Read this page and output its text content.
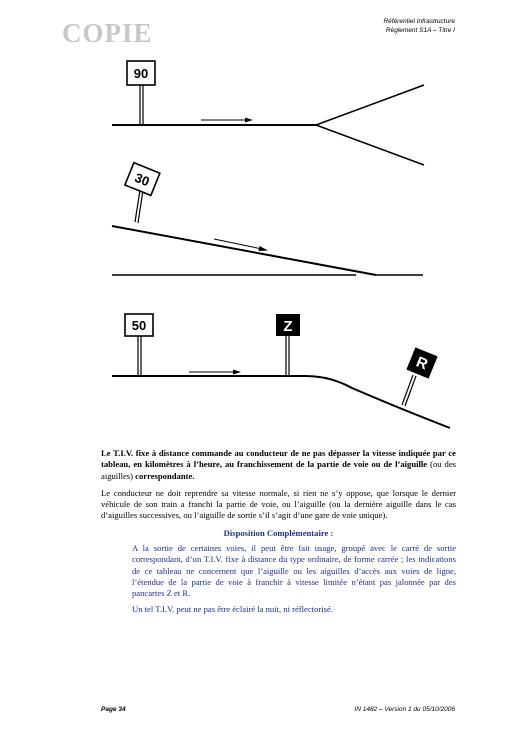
COPIE	Référentiel Infrastructure
Règlement S1A – Titre I
90
30
50	Z
R

Le T.I.V. fixe à distance commande au conducteur de ne pas dépasser la vitesse indiquée par ce tableau, en kilomètres à l’heure, au franchissement de la partie de voie ou de l’aiguille (ou des aiguilles) correspondante.

Le conducteur ne doit reprendre sa vitesse normale, si rien ne s’y oppose, que lorsque le dernier véhicule de son train a franchi la partie de voie, ou l’aiguille (ou la dernière aiguille dans le cas d’aiguilles successives, ou l’aiguille de sortie s’il s’agit d’une gare de voie unique).

Disposition Complémentaire :

A la sortie de certaines voies, il peut être fait usage, groupé avec le carré de sortie correspondant, d’un T.I.V. fixe à distance du type ordinaire, de forme carrée ; les indications de ce tableau ne concernent que l’aiguille ou les aiguilles d’accès aux voies de ligne, l’étendue de la partie de voie à franchir à vitesse limitée n’étant pas jalonnée par des pancartes Z et R.

Un tel T.I.V. peut ne pas être éclairé la nuit, ni réflectorisé.

Page 34	IN 1482 – Version 1 du 05/10/2006
